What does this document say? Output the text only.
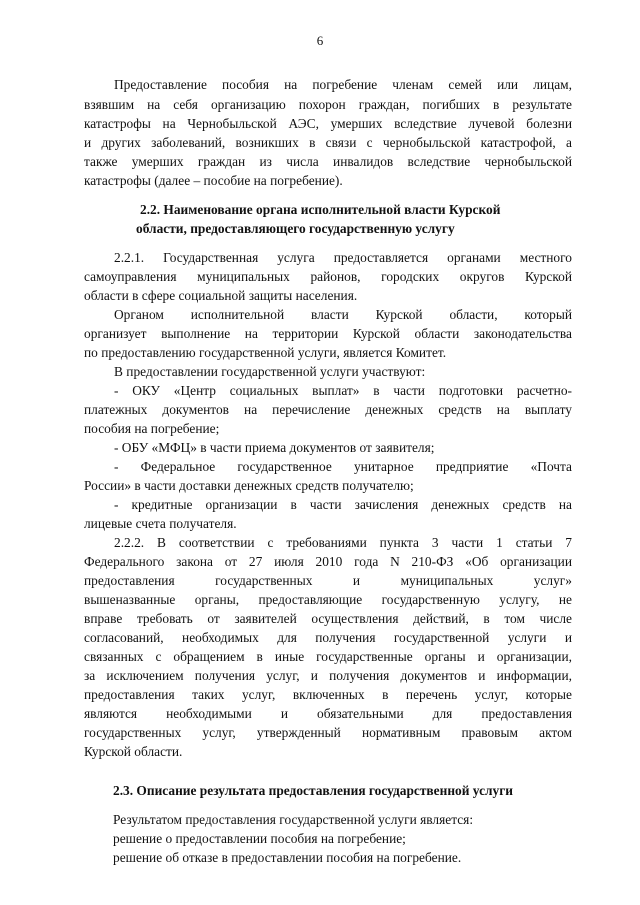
6
Предоставление пособия на погребение членам семей или лицам,
взявшим на себя организацию похорон граждан, погибших в результате
катастрофы на Чернобыльской АЭС, умерших вследствие лучевой болезни
и других заболеваний, возникших в связи с чернобыльской катастрофой, а
также умерших граждан из числа инвалидов вследствие чернобыльской
катастрофы (далее – пособие на погребение).
2.2. Наименование органа исполнительной власти Курской
области, предоставляющего государственную услугу
2.2.1. Государственная услуга предоставляется органами местного
самоуправления муниципальных районов, городских округов Курской
области в сфере социальной защиты населения.
Органом исполнительной власти Курской области, который
организует выполнение на территории Курской области законодательства
по предоставлению государственной услуги, является Комитет.
В предоставлении государственной услуги участвуют:
- ОКУ «Центр социальных выплат» в части подготовки расчетно-
платежных документов на перечисление денежных средств на выплату
пособия на погребение;
- ОБУ «МФЦ» в части приема документов от заявителя;
- Федеральное государственное унитарное предприятие «Почта
России» в части доставки денежных средств получателю;
- кредитные организации в части зачисления денежных средств на
лицевые счета получателя.
2.2.2. В соответствии с требованиями пункта 3 части 1 статьи 7
Федерального закона от 27 июля 2010 года N 210-ФЗ «Об организации
предоставления государственных и муниципальных услуг»
вышеназванные органы, предоставляющие государственную услугу, не
вправе требовать от заявителей осуществления действий, в том числе
согласований, необходимых для получения государственной услуги и
связанных с обращением в иные государственные органы и организации,
за исключением получения услуг, и получения документов и информации,
предоставления таких услуг, включенных в перечень услуг, которые
являются необходимыми и обязательными для предоставления
государственных услуг, утвержденный нормативным правовым актом
Курской области.
2.3. Описание результата предоставления государственной услуги
Результатом предоставления государственной услуги является:
решение о предоставлении пособия на погребение;
решение об отказе в предоставлении пособия на погребение.
